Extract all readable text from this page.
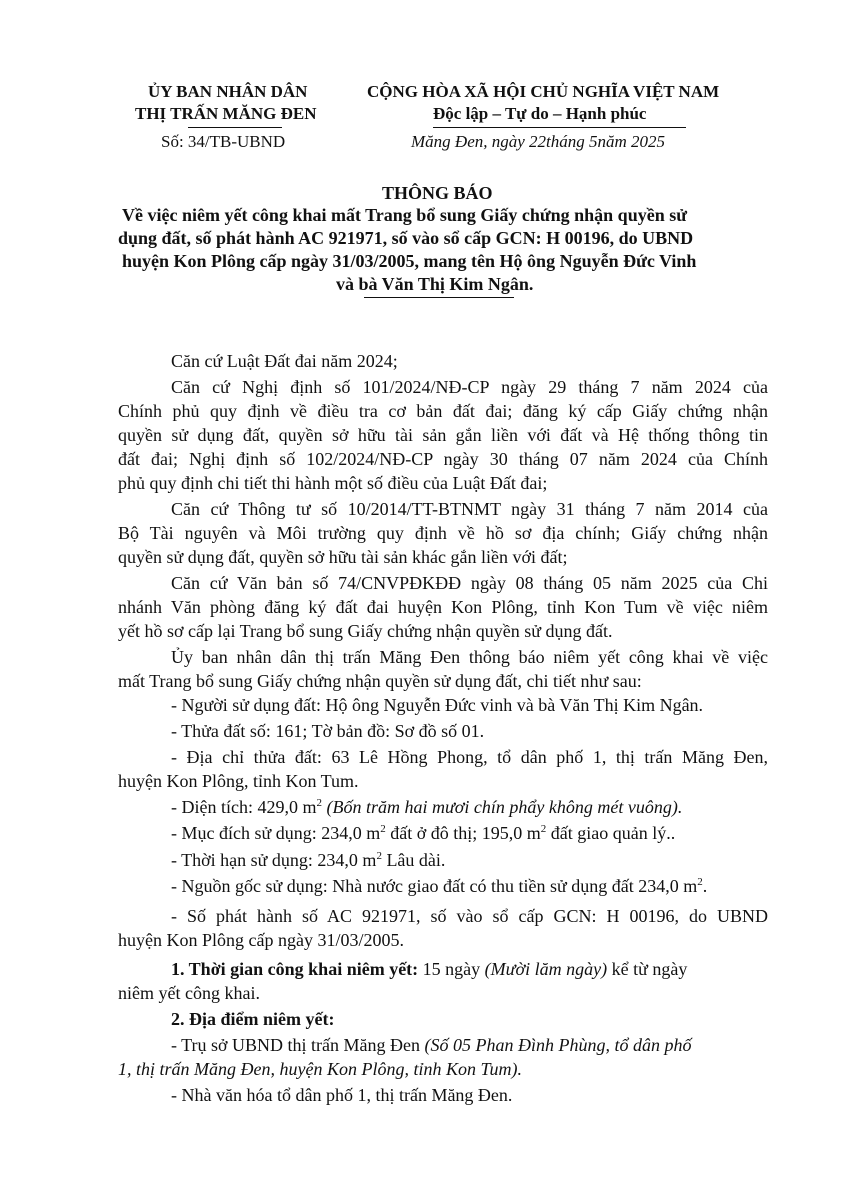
ỦY BAN NHÂN DÂN
THỊ TRẤN MĂNG ĐEN
Số: 34/TB-UBND
CỘNG HÒA XÃ HỘI CHỦ NGHĨA VIỆT NAM
Độc lập – Tự do – Hạnh phúc
Măng Đen, ngày 22tháng 5năm 2025
THÔNG BÁO
Về việc niêm yết công khai mất Trang bổ sung Giấy chứng nhận quyền sử
dụng đất, số phát hành AC 921971, số vào sổ cấp GCN: H 00196, do UBND
huyện Kon Plông cấp ngày 31/03/2005, mang tên Hộ ông Nguyễn Đức Vinh
và bà Văn Thị Kim Ngân.
Căn cứ Luật Đất đai năm 2024;
Căn cứ Nghị định số 101/2024/NĐ-CP ngày 29 tháng 7 năm 2024 của
Chính phủ quy định về điều tra cơ bản đất đai; đăng ký cấp Giấy chứng nhận
quyền sử dụng đất, quyền sở hữu tài sản gắn liền với đất và Hệ thống thông tin
đất đai; Nghị định số 102/2024/NĐ-CP ngày 30 tháng 07 năm 2024 của Chính
phủ quy định chi tiết thi hành một số điều của Luật Đất đai;
Căn cứ Thông tư số 10/2014/TT-BTNMT ngày 31 tháng 7 năm 2014 của
Bộ Tài nguyên và Môi trường quy định về hồ sơ địa chính; Giấy chứng nhận
quyền sử dụng đất, quyền sở hữu tài sản khác gắn liền với đất;
Căn cứ Văn bản số 74/CNVPĐKĐĐ ngày 08 tháng 05 năm 2025 của Chi
nhánh Văn phòng đăng ký đất đai huyện Kon Plông, tỉnh Kon Tum về việc niêm
yết hồ sơ cấp lại Trang bổ sung Giấy chứng nhận quyền sử dụng đất.
Ủy ban nhân dân thị trấn Măng Đen thông báo niêm yết công khai về việc
mất Trang bổ sung Giấy chứng nhận quyền sử dụng đất, chi tiết như sau:
- Người sử dụng đất: Hộ ông Nguyễn Đức vinh và bà Văn Thị Kim Ngân.
- Thửa đất số: 161; Tờ bản đồ: Sơ đồ số 01.
- Địa chỉ thửa đất: 63 Lê Hồng Phong, tổ dân phố 1, thị trấn Măng Đen,
huyện Kon Plông, tỉnh Kon Tum.
- Diện tích: 429,0 $m^2$ (Bốn trăm hai mươi chín phẩy không mét vuông).
- Mục đích sử dụng: 234,0 $m^2$ đất ở đô thị; 195,0 $m^2$ đất giao quản lý..
- Thời hạn sử dụng: 234,0 $m^2$ Lâu dài.
- Nguồn gốc sử dụng: Nhà nước giao đất có thu tiền sử dụng đất 234,0 $m^2$.
- Số phát hành số AC 921971, số vào sổ cấp GCN: H 00196, do UBND
huyện Kon Plông cấp ngày 31/03/2005.
1. Thời gian công khai niêm yết: 15 ngày (Mười lăm ngày) kể từ ngày
niêm yết công khai.
2. Địa điểm niêm yết:
- Trụ sở UBND thị trấn Măng Đen (Số 05 Phan Đình Phùng, tổ dân phố
1, thị trấn Măng Đen, huyện Kon Plông, tỉnh Kon Tum).
- Nhà văn hóa tổ dân phố 1, thị trấn Măng Đen.
